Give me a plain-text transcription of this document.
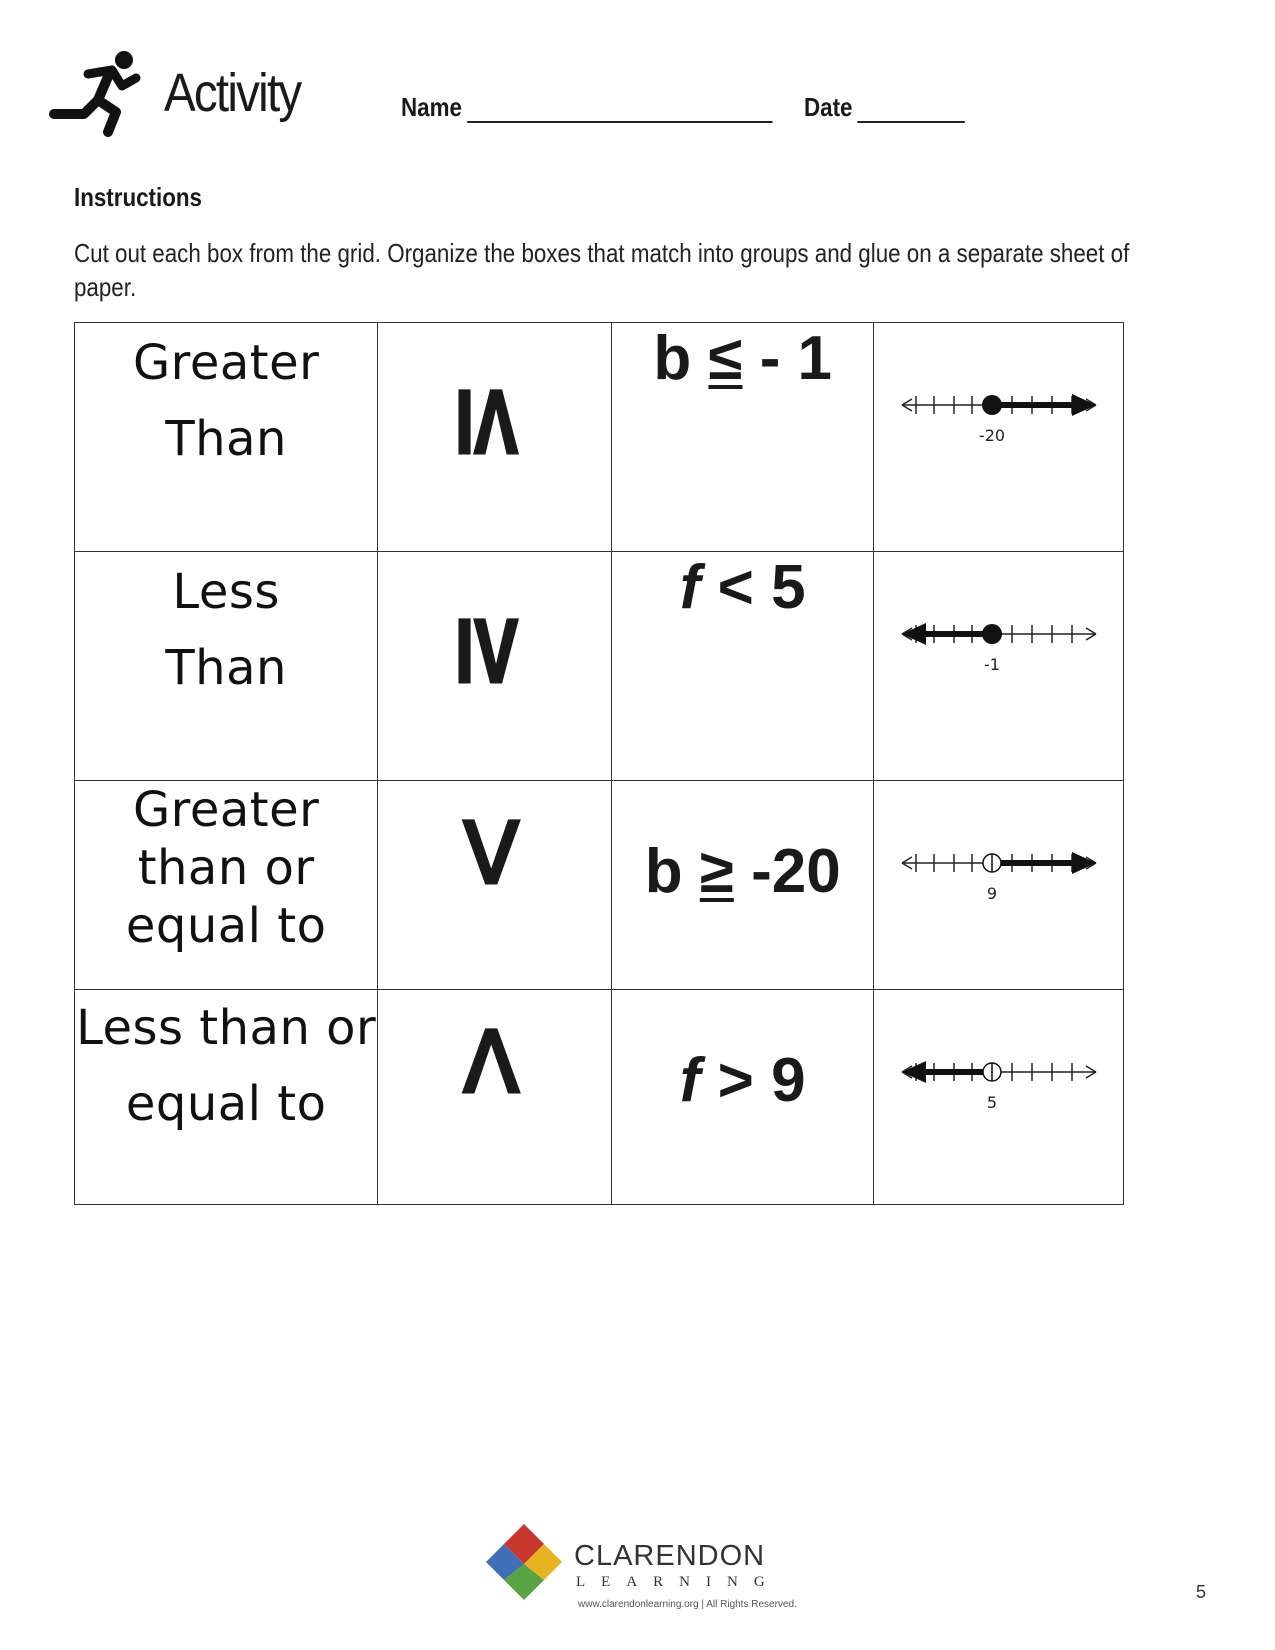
Activity	Name	Date
Instructions
Cut out each box from the grid. Organize the boxes that match into groups and glue on a separate sheet of paper.
Greater
Than	≤	b ≤ - 1	-20

Less
Than	≥	f < 5	-1

Greater
than or
equal to	>	b ≥ -20	9

Less than or
equal to	<	f > 9	5
CLARENDON
LEARNING
www.clarendonlearning.org | All Rights Reserved.
5
